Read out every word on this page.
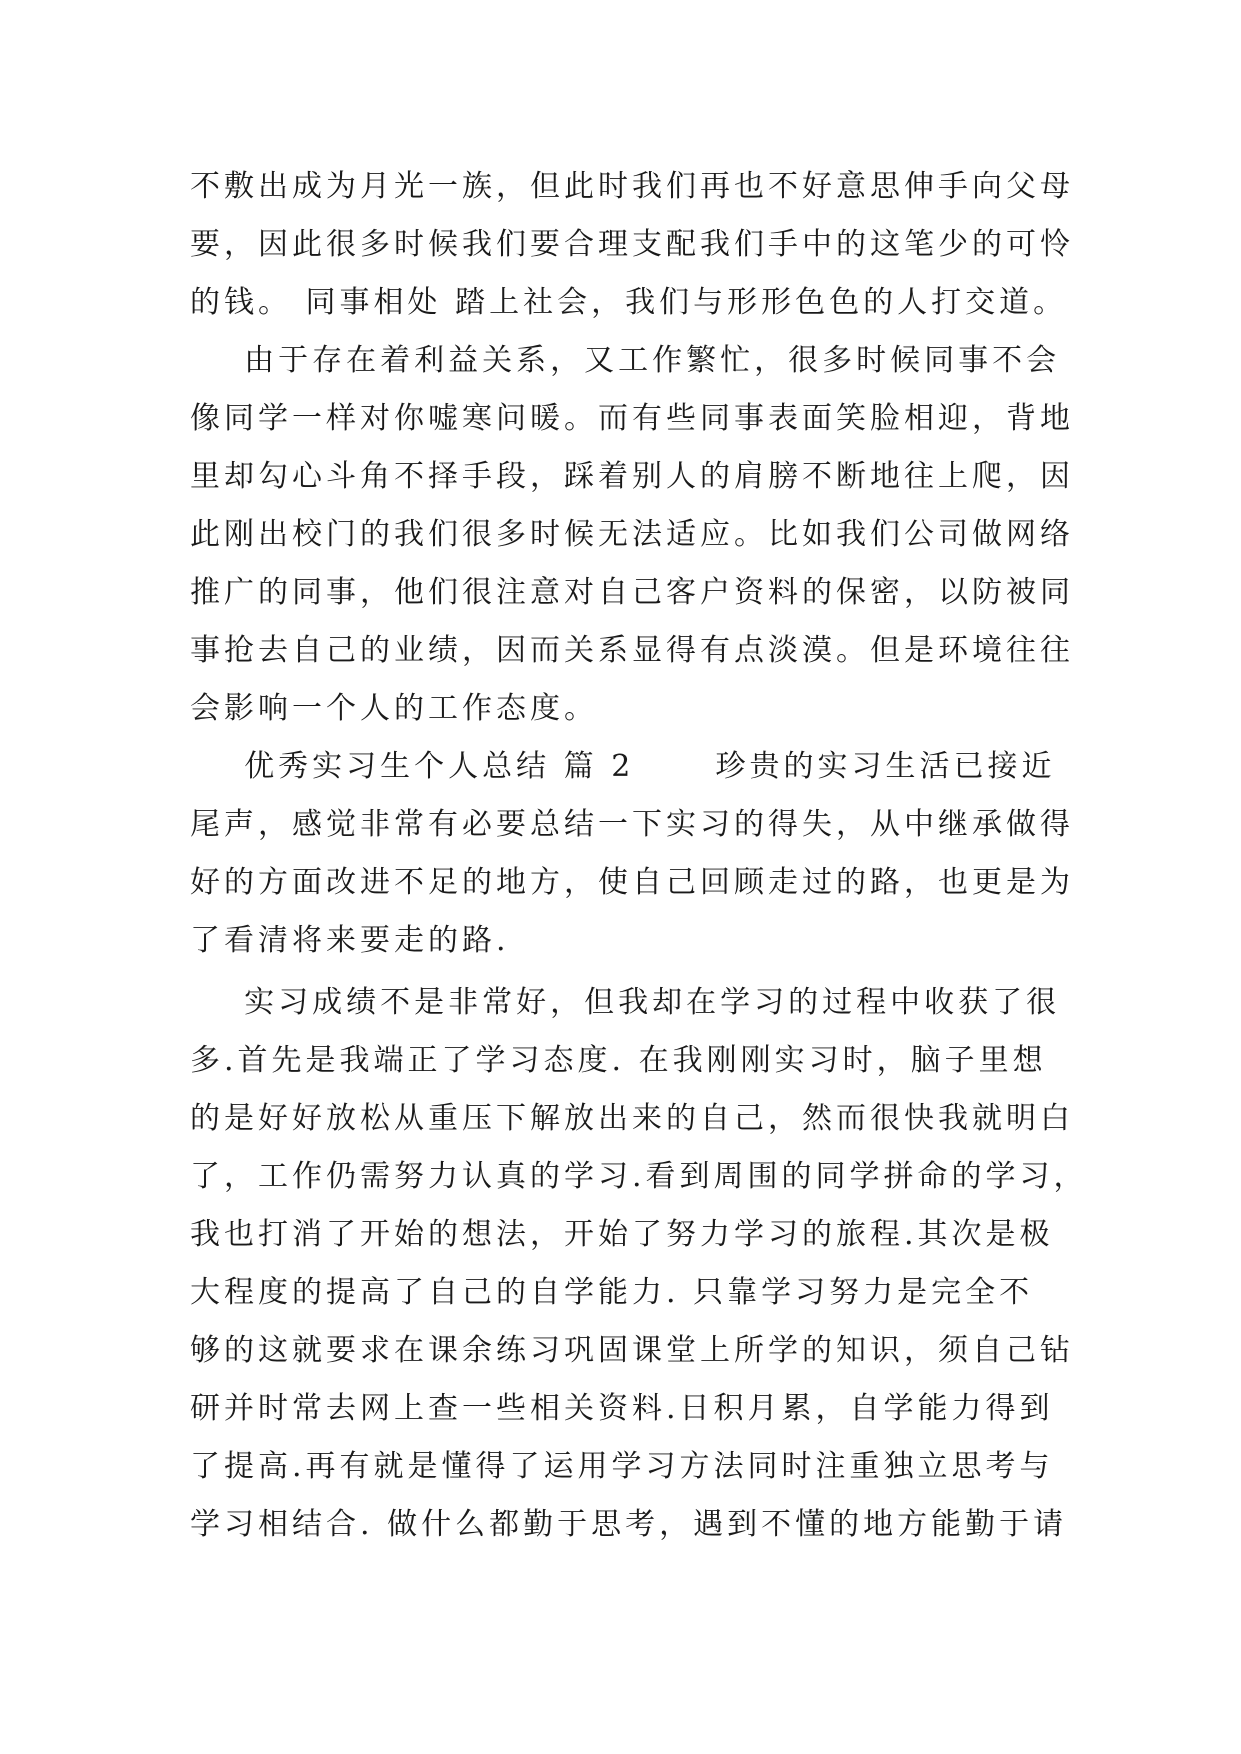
不敷出成为月光一族，但此时我们再也不好意思伸手向父母
要，因此很多时候我们要合理支配我们手中的这笔少的可怜
的钱。 同事相处 踏上社会，我们与形形色色的人打交道。
由于存在着利益关系，又工作繁忙，很多时候同事不会
像同学一样对你嘘寒问暖。而有些同事表面笑脸相迎，背地
里却勾心斗角不择手段，踩着别人的肩膀不断地往上爬，因
此刚出校门的我们很多时候无法适应。比如我们公司做网络
推广的同事，他们很注意对自己客户资料的保密，以防被同
事抢去自己的业绩，因而关系显得有点淡漠。但是环境往往
会影响一个人的工作态度。
优秀实习生个人总结 篇 2      珍贵的实习生活已接近
尾声，感觉非常有必要总结一下实习的得失，从中继承做得
好的方面改进不足的地方，使自己回顾走过的路，也更是为
了看清将来要走的路.
实习成绩不是非常好，但我却在学习的过程中收获了很
多.首先是我端正了学习态度. 在我刚刚实习时，脑子里想
的是好好放松从重压下解放出来的自己，然而很快我就明白
了，工作仍需努力认真的学习.看到周围的同学拼命的学习，
我也打消了开始的想法，开始了努力学习的旅程.其次是极
大程度的提高了自己的自学能力. 只靠学习努力是完全不
够的这就要求在课余练习巩固课堂上所学的知识，须自己钻
研并时常去网上查一些相关资料.日积月累，自学能力得到
了提高.再有就是懂得了运用学习方法同时注重独立思考与
学习相结合. 做什么都勤于思考，遇到不懂的地方能勤于请
